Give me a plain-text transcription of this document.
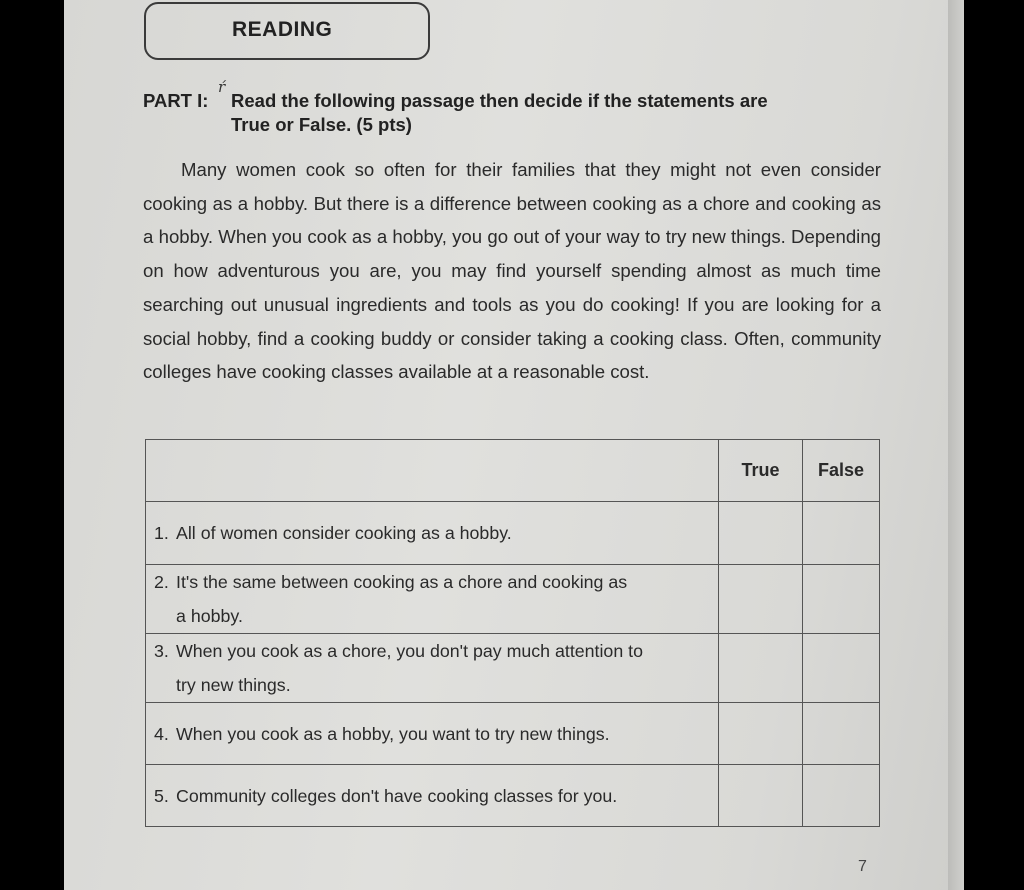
READING
ŕ
PART I:	Read the following passage then decide if the statements are
True or False. (5 pts)
Many women cook so often for their families that they might not even consider cooking as a hobby. But there is a difference between cooking as a chore and cooking as a hobby. When you cook as a hobby, you go out of your way to try new things. Depending on how adventurous you are, you may find yourself spending almost as much time searching out unusual ingredients and tools as you do cooking! If you are looking for a social hobby, find a cooking buddy or consider taking a cooking class. Often, community colleges have cooking classes available at a reasonable cost.
	True	False
1. All of women consider cooking as a hobby.		
2. It's the same between cooking as a chore and cooking as
a hobby.		

3. When you cook as a chore, you don't pay much attention to
try new things.		

4. When you cook as a hobby, you want to try new things.		
5. Community colleges don't have cooking classes for you.		
7
